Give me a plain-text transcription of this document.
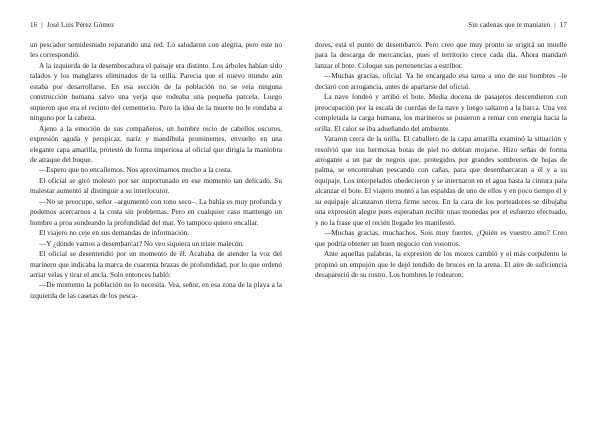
16 | José Luis Pérez Gómez

un pescador semidesnudo reparando una red. Lo saludaron con alegría, pero este no les correspondió.

A la izquierda de la desembocadura el paisaje era distinto. Los árboles habían sido talados y los manglares eliminados de la orilla. Parecía que el nuevo mundo aún estaba por desarrollarse. En esa sección de la población no se veía ninguna construcción humana salvo una verja que rodeaba una pequeña parcela. Luego supieron que era el recinto del cementerio. Pero la idea de la muerte no le rondaba a ninguno por la cabeza.

Ajeno a la emoción de sus compañeros, un hombre recio de cabellos oscuros, expresión aguda y perspicaz, nariz y mandíbula prominentes, envuelto en una elegante capa amarilla, protestó de forma imperiosa al oficial que dirigía la maniobra de atraque del buque.

—Espero que no encallemos. Nos aproximamos mucho a la costa.

El oficial se giró molesto por ser importunado en ese momento tan delicado. Su malestar aumentó al distinguir a su interlocutor.

—No se preocupe, señor –argumentó con tono seco–. La bahía es muy profunda y podemos acercarnos a la costa sin problemas. Pero en cualquier caso mantengo un hombre a proa sondeando la profundidad del mar. Yo tampoco quiero encallar.

El viajero no ceje en sus demandas de información.

—Y ¿dónde vamos a desembarcar? No veo siquiera un triste malecón.

El oficial se desentendió por un momento de él. Acababa de atender la voz del marinero que indicaba la marca de cuarenta brazas de profundidad, por lo que ordenó arriar velas y tirar el ancla. Solo entonces habló:

—De momento la población no lo necesita. Vea, señor, en esa zona de la playa a la izquierda de las casetas de los pesca-

Sin cadenas que te maniaten | 17

dores, está el punto de desembarco. Pero creo que muy pronto se erigirá un muelle para la descarga de mercancías, pues el territorio crece cada día. Ahora mandaré lanzar el bote. Coloque sus pertenencias a estribor.

—Muchas gracias, oficial. Ya he encargado esa tarea a uno de sus hombres –le declaró con arrogancia, antes de apartarse del oficial.

La nave fondeó y arribó el bote. Media docena de pasajeros descendieron con preocupación por la escala de cuerdas de la nave y luego saltaron a la barca. Una vez completada la carga humana, los marineros se pusieron a remar con energía hacia la orilla. El calor se iba adueñando del ambiente.

Vararon cerca de la orilla. El caballero de la capa amarilla examinó la situación y resolvió que sus hermosas botas de piel no debían mojarse. Hizo señas de forma arrogante a un par de negros que, protegidos por grandes sombreros de hojas de palma, se encontraban pescando con cañas, para que desembarcaran a él y a su equipaje. Los interpelados obedecieron y se internaron en el agua hasta la cintura para alcanzar el bote. El viajero montó a las espaldas de uno de ellos y en poco tiempo él y su equipaje alcanzaron tierra firme secos. En la cara de los porteadores se dibujaba una expresión alegre pues esperaban recibir unas monedas por el esfuerzo efectuado, y no la frase que el recién llegado les manifestó.

—Muchas gracias, muchachos. Sois muy fuertes. ¿Quién es vuestro amo? Creo que podría obtener un buen negocio con vosotros.

Ante aquellas palabras, la expresión de los mozos cambió y el más corpulento le propinó un empujón que le dejó tendido de bruces en la arena. El aire de suficiencia desapareció de su rostro. Los hombres le rodearon:
